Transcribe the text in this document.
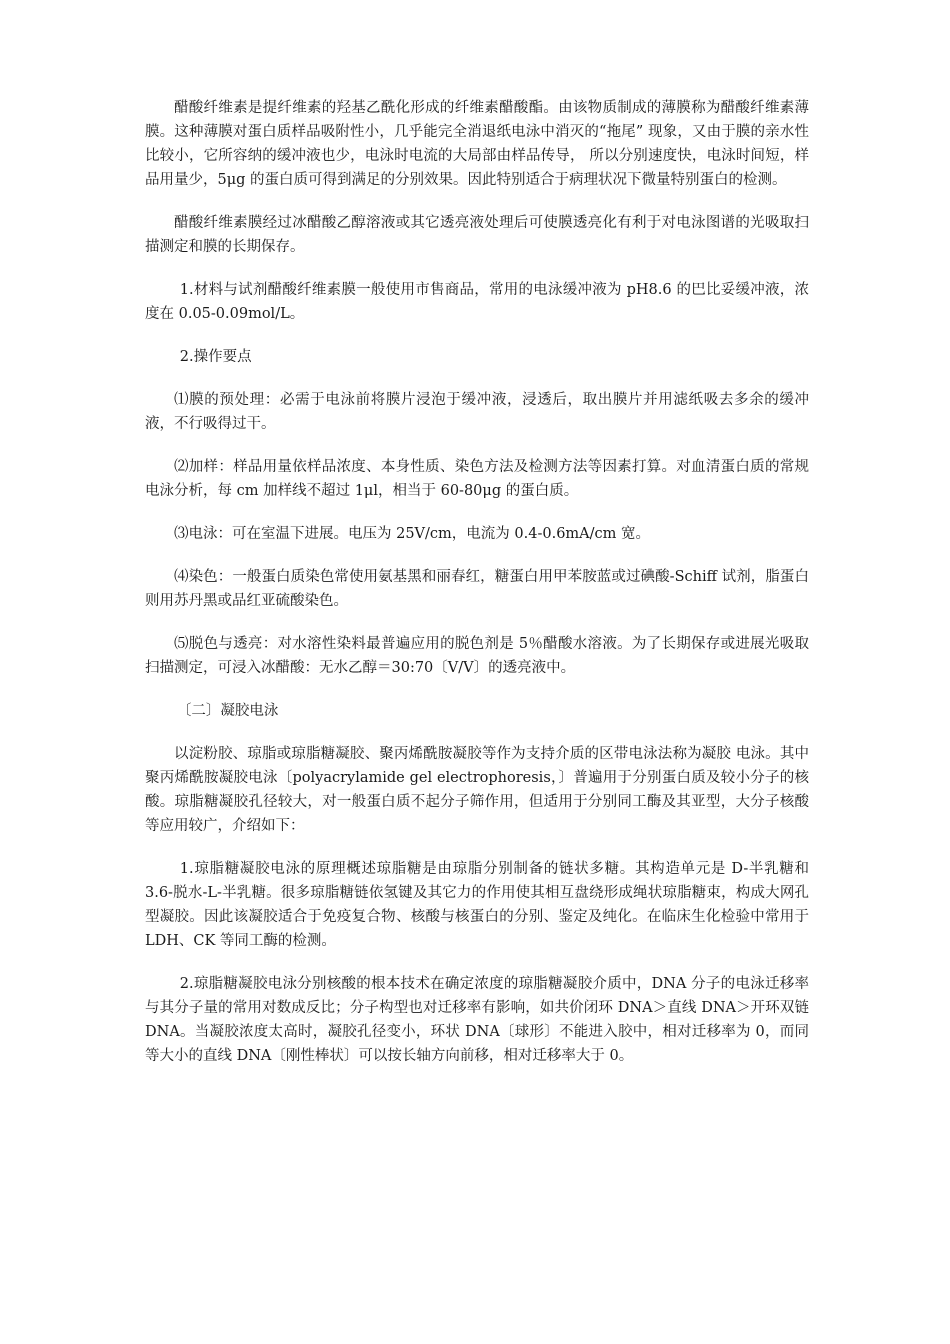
醋酸纤维素是提纤维素的羟基乙酰化形成的纤维素醋酸酯。由该物质制成的薄膜称为醋酸纤维素薄膜。这种薄膜对蛋白质样品吸附性小，几乎能完全消退纸电泳中消灭的“拖尾” 现象，又由于膜的亲水性比较小，它所容纳的缓冲液也少，电泳时电流的大局部由样品传导， 所以分别速度快，电泳时间短，样品用量少，5μg 的蛋白质可得到满足的分别效果。因此特别适合于病理状况下微量特别蛋白的检测。

醋酸纤维素膜经过冰醋酸乙醇溶液或其它透亮液处理后可使膜透亮化有利于对电泳图谱的光吸取扫描测定和膜的长期保存。

1.材料与试剂醋酸纤维素膜一般使用市售商品，常用的电泳缓冲液为 pH8.6 的巴比妥缓冲液，浓度在 0.05-0.09mol/L。

2.操作要点

⑴膜的预处理：必需于电泳前将膜片浸泡于缓冲液，浸透后，取出膜片并用滤纸吸去多余的缓冲液，不行吸得过干。

⑵加样：样品用量依样品浓度、本身性质、染色方法及检测方法等因素打算。对血清蛋白质的常规电泳分析，每 cm 加样线不超过 1μl，相当于 60-80μg 的蛋白质。

⑶电泳：可在室温下进展。电压为 25V/cm，电流为 0.4-0.6mA/cm 宽。

⑷染色：一般蛋白质染色常使用氨基黑和丽春红，糖蛋白用甲苯胺蓝或过碘酸-Schiff 试剂，脂蛋白则用苏丹黑或品红亚硫酸染色。

⑸脱色与透亮：对水溶性染料最普遍应用的脱色剂是 5％醋酸水溶液。为了长期保存或进展光吸取扫描测定，可浸入冰醋酸：无水乙醇＝30:70〔V/V〕的透亮液中。

〔二〕凝胶电泳

以淀粉胶、琼脂或琼脂糖凝胶、聚丙烯酰胺凝胶等作为支持介质的区带电泳法称为凝胶 电泳。其中聚丙烯酰胺凝胶电泳〔polyacrylamide gel electrophoresis，〕普遍用于分别蛋白质及较小分子的核酸。琼脂糖凝胶孔径较大，对一般蛋白质不起分子筛作用，但适用于分别同工酶及其亚型，大分子核酸等应用较广，介绍如下：

1.琼脂糖凝胶电泳的原理概述琼脂糖是由琼脂分别制备的链状多糖。其构造单元是 D-半乳糖和 3.6-脱水-L-半乳糖。很多琼脂糖链依氢键及其它力的作用使其相互盘绕形成绳状琼脂糖束，构成大网孔型凝胶。因此该凝胶适合于免疫复合物、核酸与核蛋白的分别、鉴定及纯化。在临床生化检验中常用于 LDH、CK 等同工酶的检测。

2.琼脂糖凝胶电泳分别核酸的根本技术在确定浓度的琼脂糖凝胶介质中，DNA 分子的电泳迁移率与其分子量的常用对数成反比；分子构型也对迁移率有影响，如共价闭环 DNA＞直线 DNA＞开环双链 DNA。当凝胶浓度太高时，凝胶孔径变小，环状 DNA〔球形〕不能进入胶中，相对迁移率为 0，而同等大小的直线 DNA〔刚性棒状〕可以按长轴方向前移，相对迁移率大于 0。
